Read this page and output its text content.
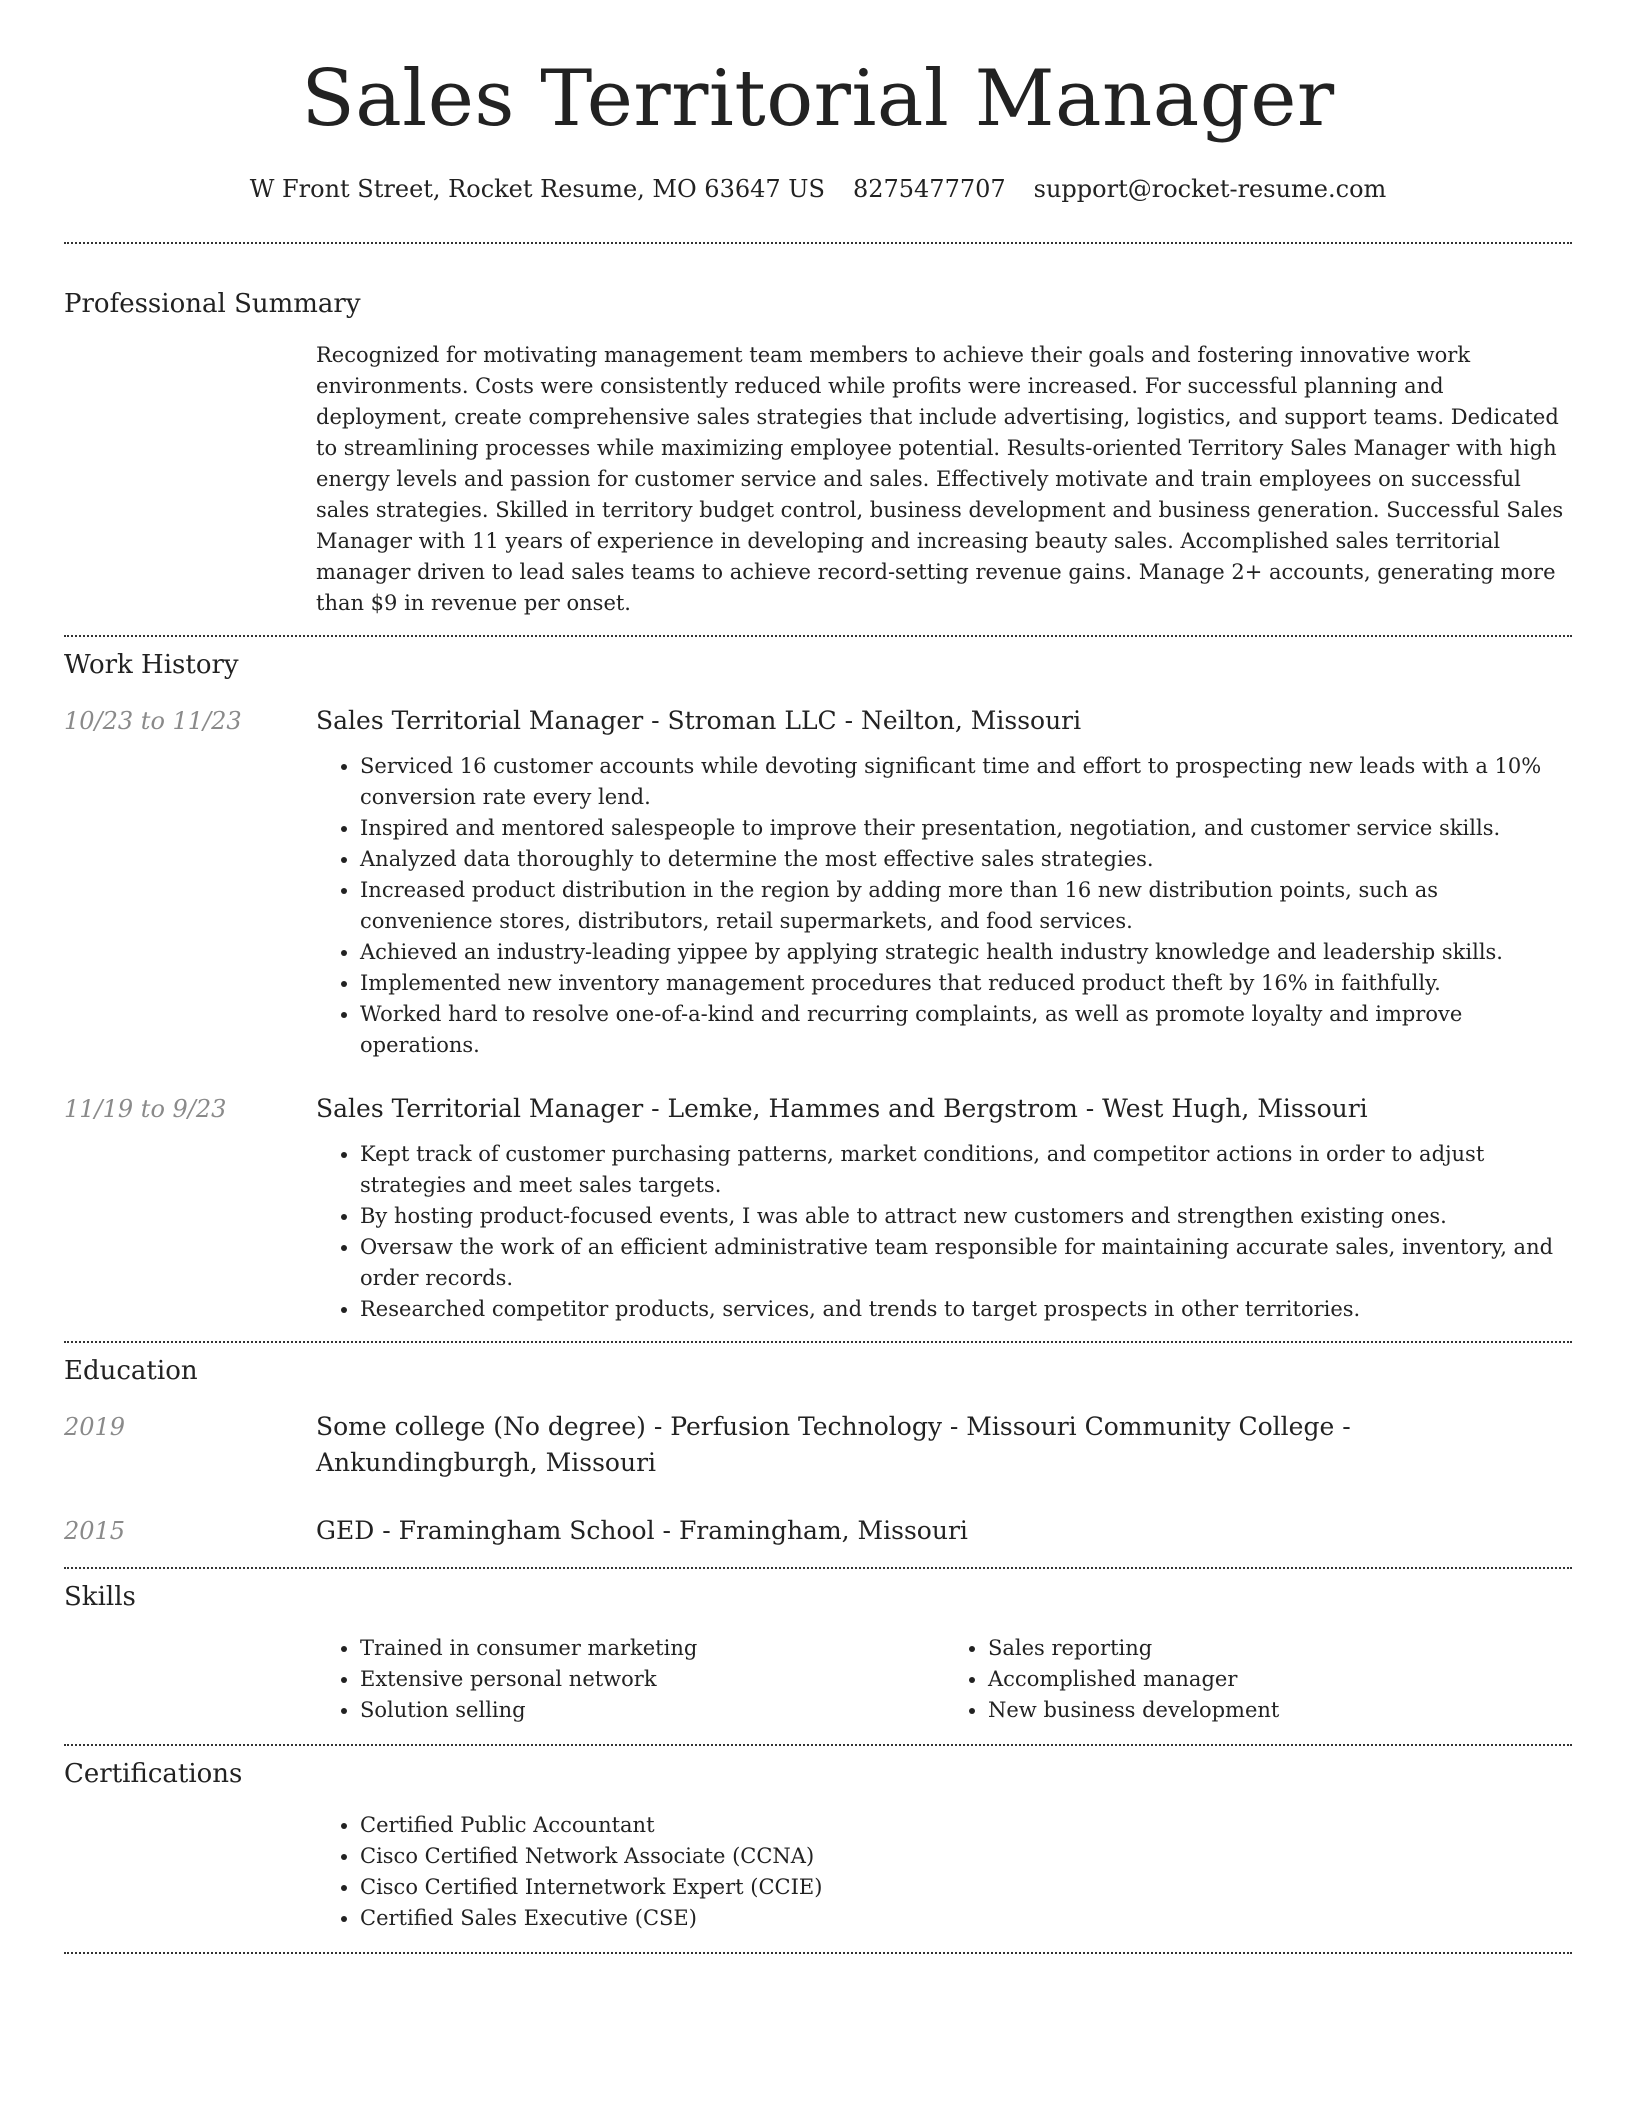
Sales Territorial Manager
W Front Street, Rocket Resume, MO 63647 US 8275477707 support@rocket-resume.com
Professional Summary

Recognized for motivating management team members to achieve their goals and fostering innovative work environments. Costs were consistently reduced while profits were increased. For successful planning and deployment, create comprehensive sales strategies that include advertising, logistics, and support teams. Dedicated to streamlining processes while maximizing employee potential. Results-oriented Territory Sales Manager with high energy levels and passion for customer service and sales. Effectively motivate and train employees on successful sales strategies. Skilled in territory budget control, business development and business generation. Successful Sales Manager with 11 years of experience in developing and increasing beauty sales. Accomplished sales territorial manager driven to lead sales teams to achieve record-setting revenue gains. Manage 2+ accounts, generating more than $9 in revenue per onset.

Work History
10/23 to 11/23	Sales Territorial Manager - Stroman LLC - Neilton, Missouri

• Serviced 16 customer accounts while devoting significant time and effort to prospecting new leads with a 10% conversion rate every lend.
• Inspired and mentored salespeople to improve their presentation, negotiation, and customer service skills.
• Analyzed data thoroughly to determine the most effective sales strategies.
• Increased product distribution in the region by adding more than 16 new distribution points, such as convenience stores, distributors, retail supermarkets, and food services.
• Achieved an industry-leading yippee by applying strategic health industry knowledge and leadership skills.
• Implemented new inventory management procedures that reduced product theft by 16% in faithfully.
• Worked hard to resolve one-of-a-kind and recurring complaints, as well as promote loyalty and improve operations.
11/19 to 9/23	Sales Territorial Manager - Lemke, Hammes and Bergstrom - West Hugh, Missouri

• Kept track of customer purchasing patterns, market conditions, and competitor actions in order to adjust strategies and meet sales targets.
• By hosting product-focused events, I was able to attract new customers and strengthen existing ones.
• Oversaw the work of an efficient administrative team responsible for maintaining accurate sales, inventory, and order records.
• Researched competitor products, services, and trends to target prospects in other territories.
Education
2019	Some college (No degree) - Perfusion Technology - Missouri Community College - Ankundingburgh, Missouri

2015	GED - Framingham School - Framingham, Missouri

Skills
• Trained in consumer marketing
• Extensive personal network
• Solution selling
• Sales reporting
• Accomplished manager
• New business development
Certifications
• Certified Public Accountant
• Cisco Certified Network Associate (CCNA)
• Cisco Certified Internetwork Expert (CCIE)
• Certified Sales Executive (CSE)
